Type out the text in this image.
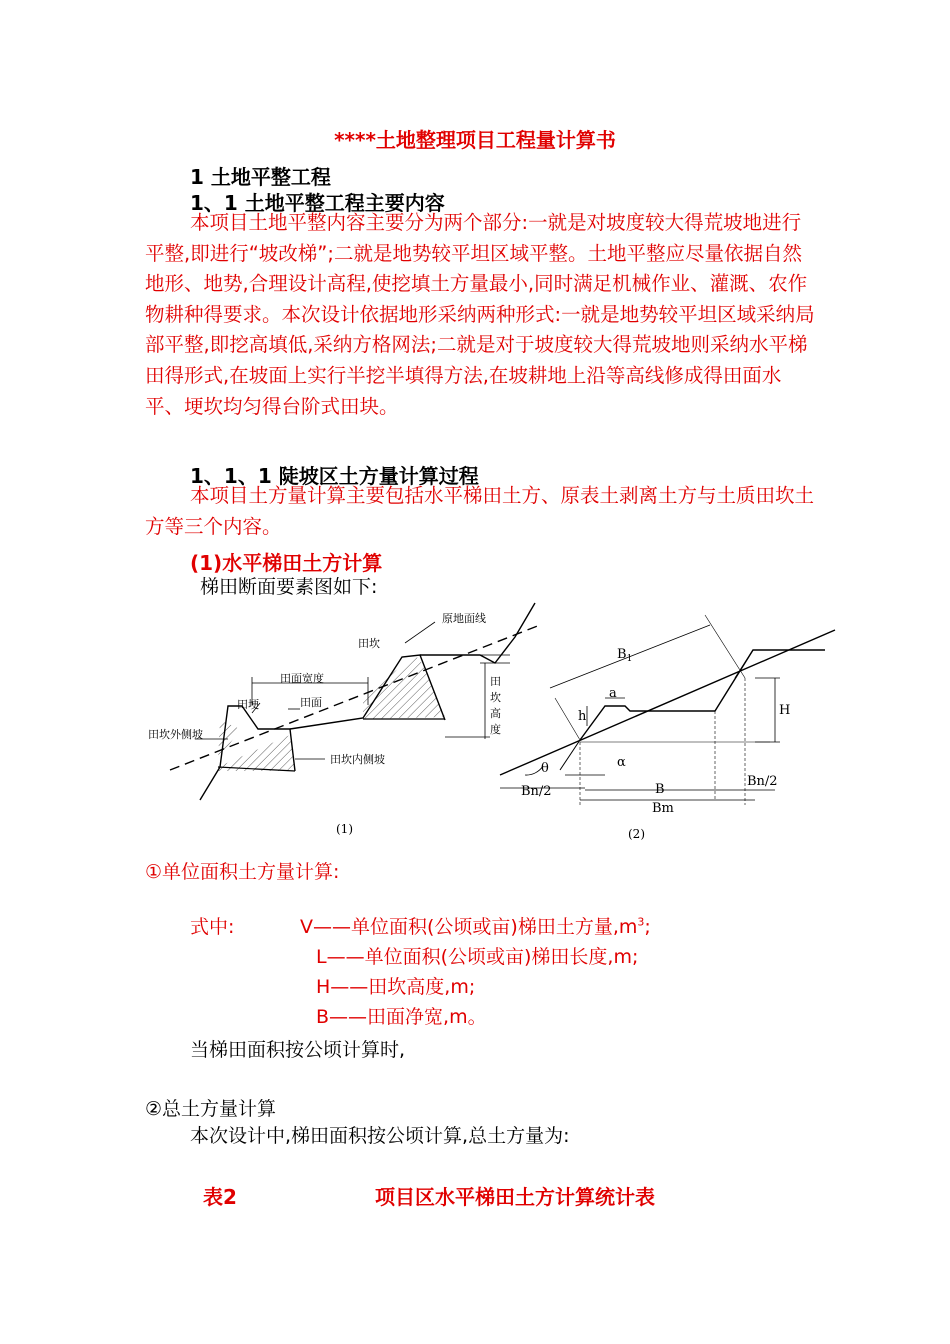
****土地整理项目工程量计算书
1 土地平整工程
1、1 土地平整工程主要内容
本项目土地平整内容主要分为两个部分:一就是对坡度较大得荒坡地进行平整,即进行“坡改梯”;二就是地势较平坦区域平整。土地平整应尽量依据自然地形、地势,合理设计高程,使挖填土方量最小,同时满足机械作业、灌溉、农作物耕种得要求。本次设计依据地形采纳两种形式:一就是地势较平坦区域采纳局部平整,即挖高填低,采纳方格网法;二就是对于坡度较大得荒坡地则采纳水平梯田得形式,在坡面上实行半挖半填得方法,在坡耕地上沿等高线修成得田面水平、埂坎均匀得台阶式田块。
1、1、1 陡坡区土方量计算过程
本项目土方量计算主要包括水平梯田土方、原表土剥离土方与土质田坎土方等三个内容。
(1)水平梯田土方计算
梯田断面要素图如下:
原地面线
田坎
田面宽度
田埂	田面
田坎外侧坡
田坎内侧坡
田
坎
高
度
(1)
$B_1$
a
h	H
θ	α
B
Bm
Bn/2
Bn/2
(2)
①单位面积土方量计算:
式中:	V——单位面积(公顷或亩)梯田土方量$,m^3$;
L——单位面积(公顷或亩)梯田长度,m;
H——田坎高度,m;
B——田面净宽,m。
当梯田面积按公顷计算时,
②总土方量计算
本次设计中,梯田面积按公顷计算,总土方量为:
表2	项目区水平梯田土方计算统计表
